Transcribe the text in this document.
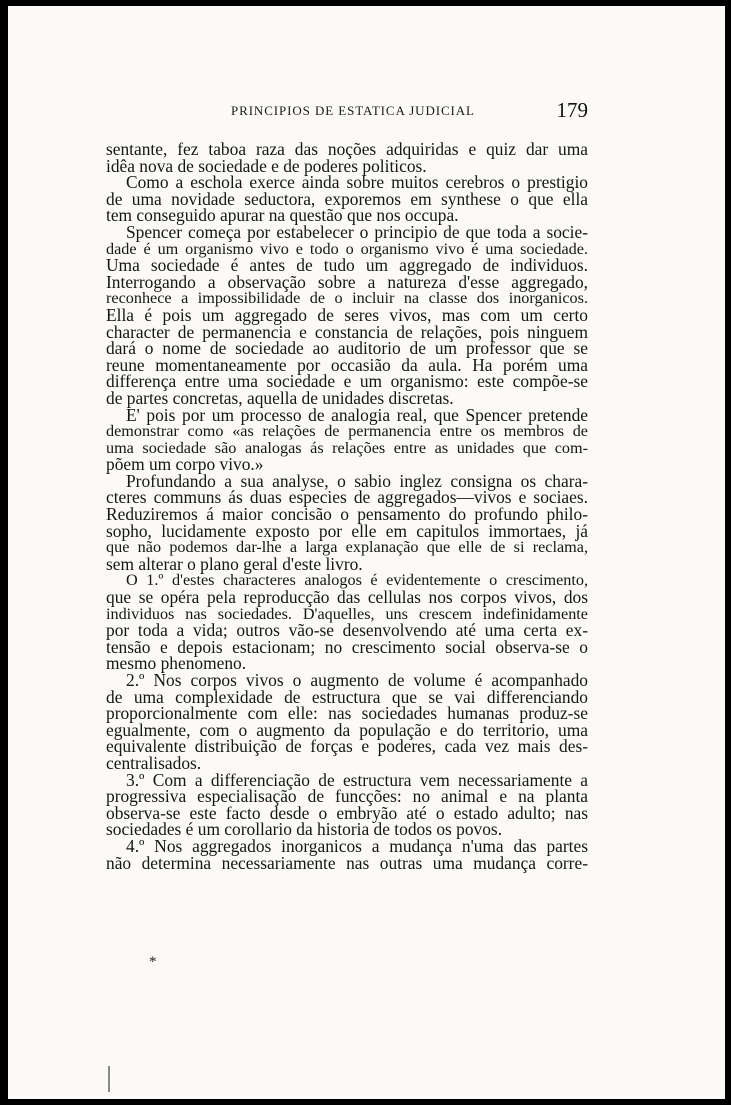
PRINCIPIOS DE ESTATICA JUDICIAL	179
sentante, fez taboa raza das noções adquiridas e quiz dar uma
idêa nova de sociedade e de poderes politicos.
Como a eschola exerce ainda sobre muitos cerebros o prestigio
de uma novidade seductora, exporemos em synthese o que ella
tem conseguido apurar na questão que nos occupa.
Spencer começa por estabelecer o principio de que toda a socie-
dade é um organismo vivo e todo o organismo vivo é uma sociedade.
Uma sociedade é antes de tudo um aggregado de individuos.
Interrogando a observação sobre a natureza d'esse aggregado,
reconhece a impossibilidade de o incluir na classe dos inorganicos.
Ella é pois um aggregado de seres vivos, mas com um certo
character de permanencia e constancia de relações, pois ninguem
dará o nome de sociedade ao auditorio de um professor que se
reune momentaneamente por occasião da aula. Ha porém uma
differença entre uma sociedade e um organismo: este compõe-se
de partes concretas, aquella de unidades discretas.
E' pois por um processo de analogia real, que Spencer pretende
demonstrar como «as relações de permanencia entre os membros de
uma sociedade são analogas ás relações entre as unidades que com-
põem um corpo vivo.»
Profundando a sua analyse, o sabio inglez consigna os chara-
cteres communs ás duas especies de aggregados—vivos e sociaes.
Reduziremos á maior concisão o pensamento do profundo philo-
sopho, lucidamente exposto por elle em capitulos immortaes, já
que não podemos dar-lhe a larga explanação que elle de si reclama,
sem alterar o plano geral d'este livro.
O 1.º d'estes characteres analogos é evidentemente o crescimento,
que se opéra pela reproducção das cellulas nos corpos vivos, dos
individuos nas sociedades. D'aquelles, uns crescem indefinidamente
por toda a vida; outros vão-se desenvolvendo até uma certa ex-
tensão e depois estacionam; no crescimento social observa-se o
mesmo phenomeno.
2.º Nos corpos vivos o augmento de volume é acompanhado
de uma complexidade de estructura que se vai differenciando
proporcionalmente com elle: nas sociedades humanas produz-se
egualmente, com o augmento da população e do territorio, uma
equivalente distribuição de forças e poderes, cada vez mais des-
centralisados.
3.º Com a differenciação de estructura vem necessariamente a
progressiva especialisação de funcções: no animal e na planta
observa-se este facto desde o embryão até o estado adulto; nas
sociedades é um corollario da historia de todos os povos.
4.º Nos aggregados inorganicos a mudança n'uma das partes
não determina necessariamente nas outras uma mudança corre-
*
